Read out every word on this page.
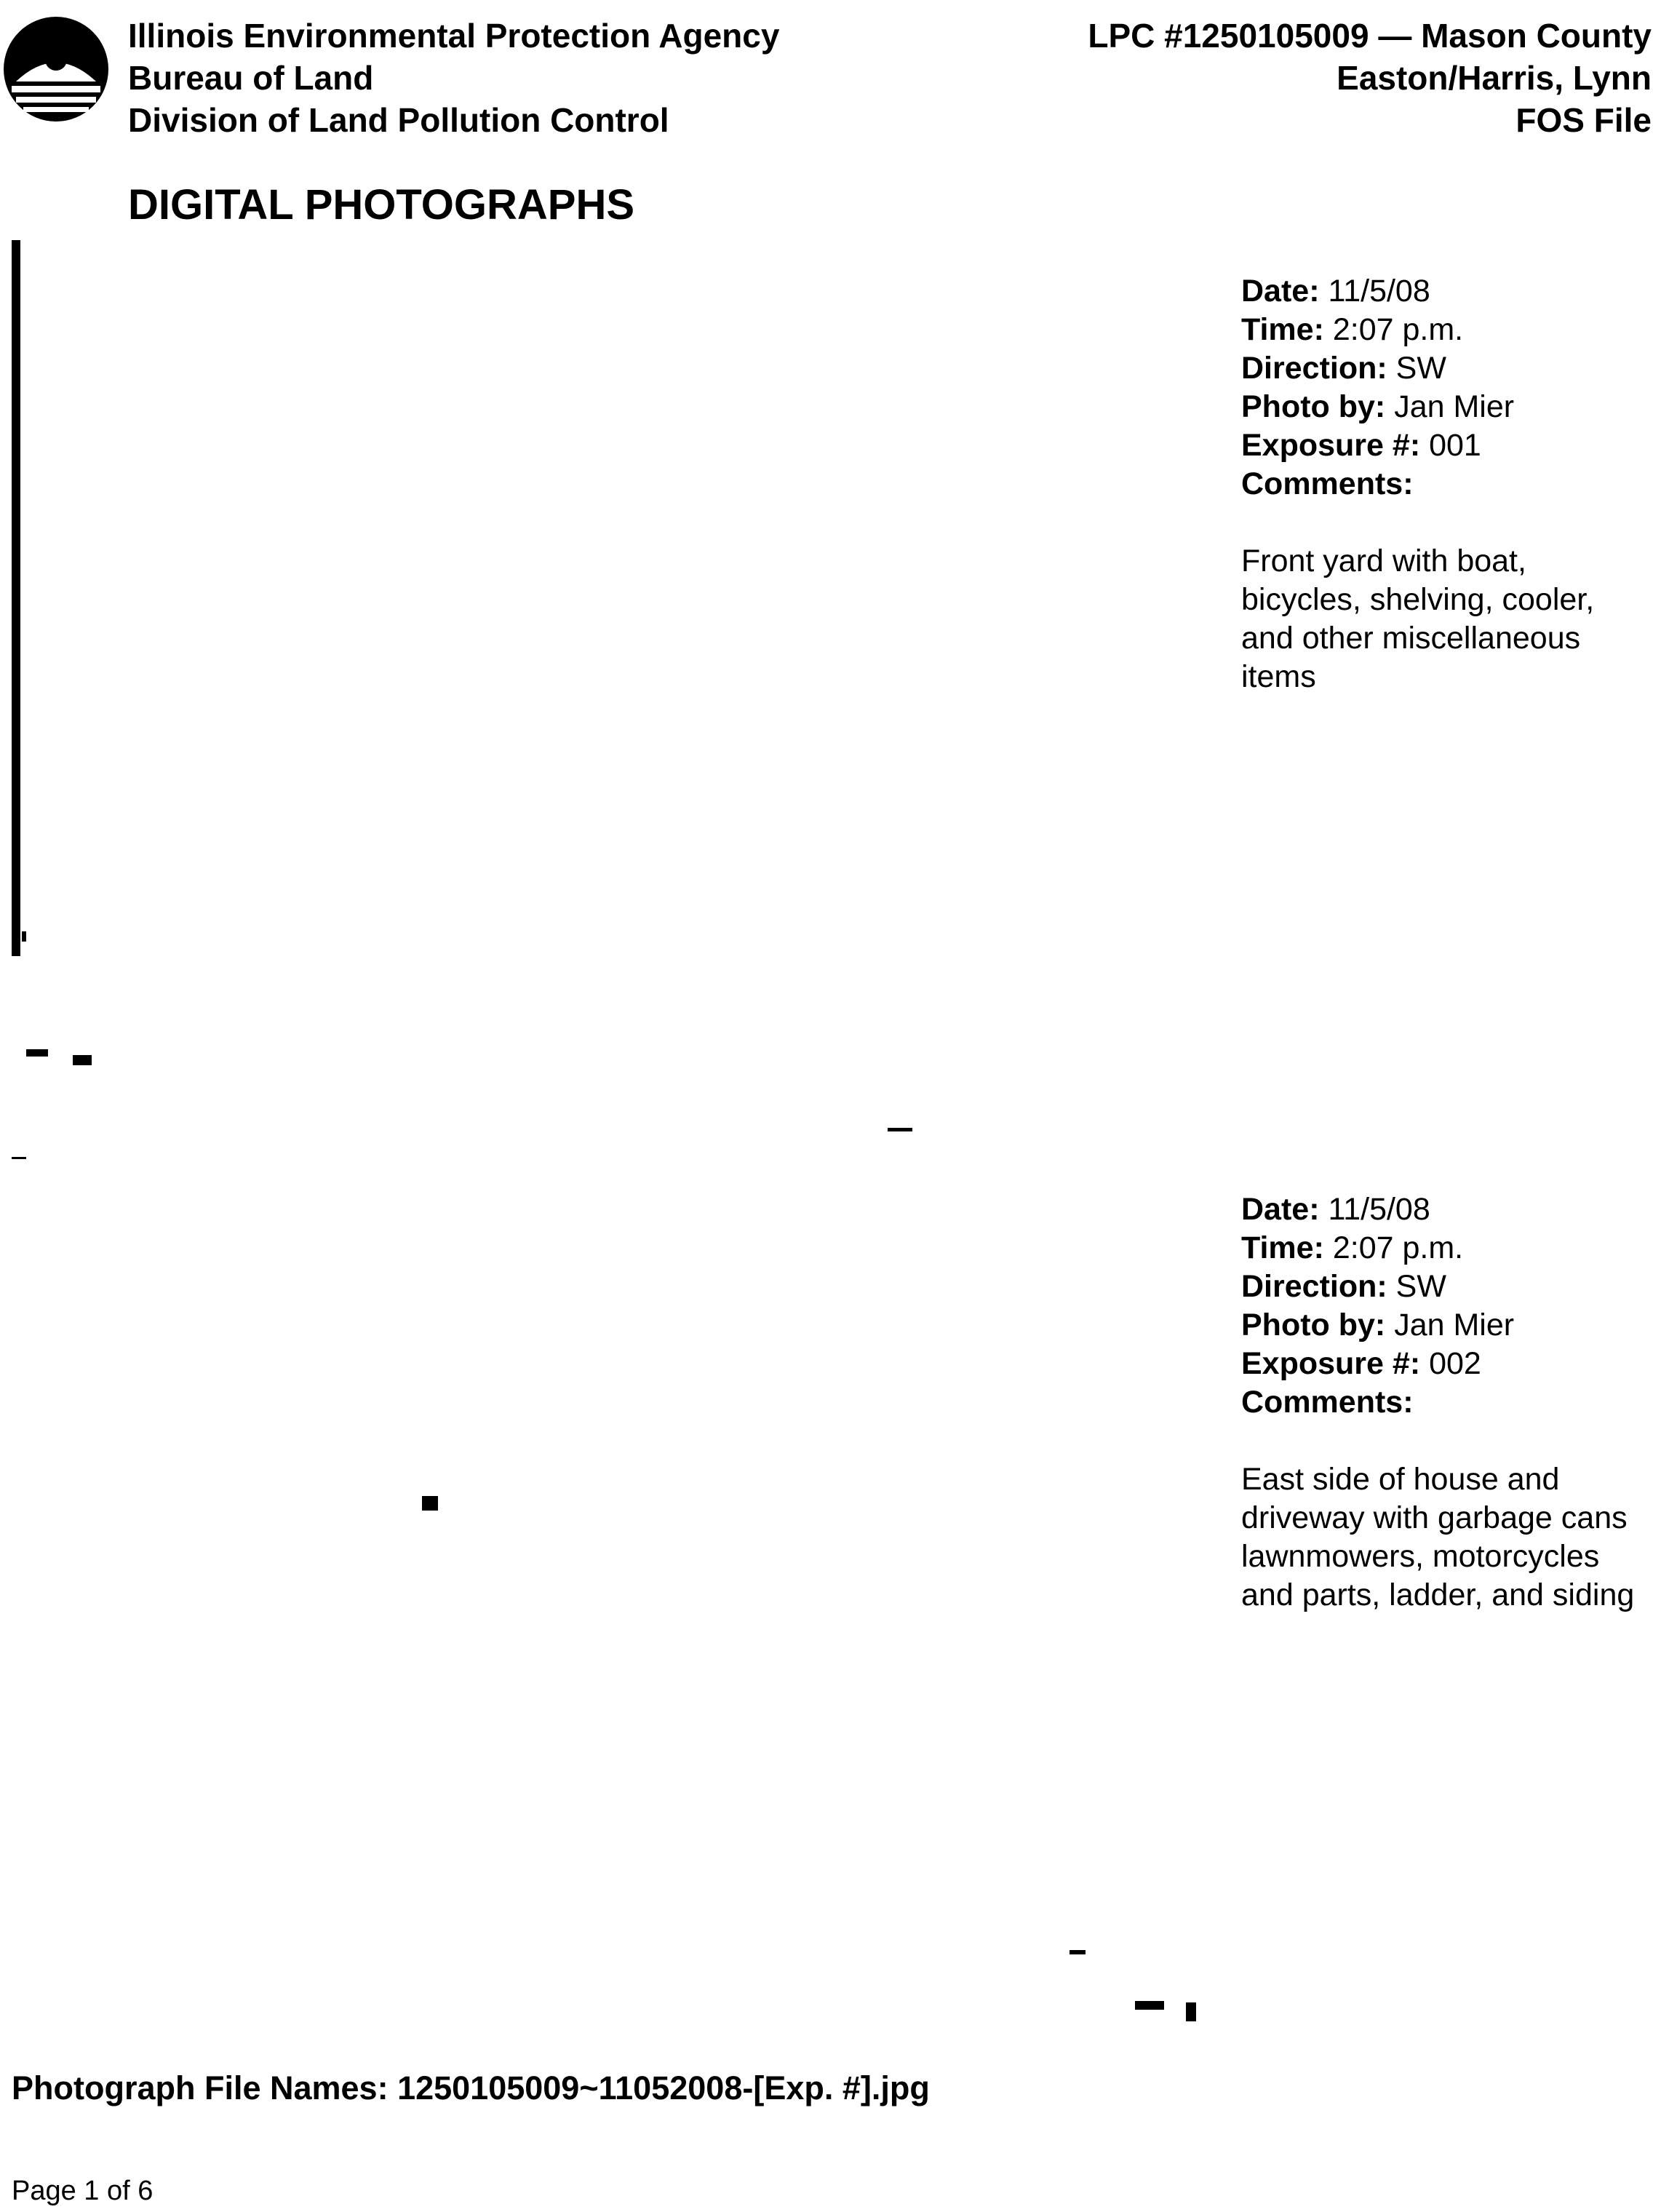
Illinois Environmental Protection Agency
Bureau of Land
Division of Land Pollution Control
LPC #1250105009 — Mason County
Easton/Harris, Lynn
FOS File
DIGITAL PHOTOGRAPHS
Date: 11/5/08
Time: 2:07 p.m.
Direction: SW
Photo by: Jan Mier
Exposure #: 001
Comments:
Front yard with boat, bicycles, shelving, cooler, and other miscellaneous items
Date: 11/5/08
Time: 2:07 p.m.
Direction: SW
Photo by: Jan Mier
Exposure #: 002
Comments:
East side of house and driveway with garbage cans lawnmowers, motorcycles and parts, ladder, and siding
Photograph File Names: 1250105009~11052008-[Exp. #].jpg
Page 1 of 6
